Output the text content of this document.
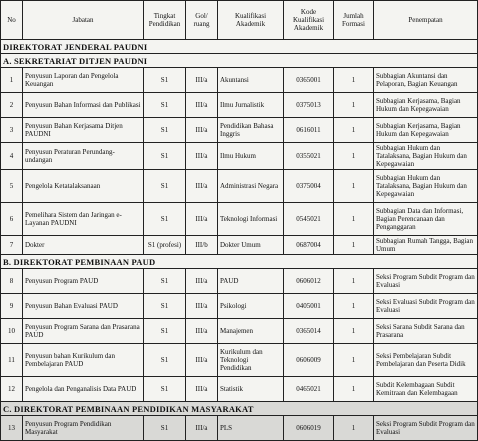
No	Jabatan	Tingkat Pendidikan	Gol/ ruang	Kualifikasi Akademik	Kode Kualifikasi Akademik	Jumlah Formasi	Penempatan
DIREKTORAT JENDERAL PAUDNI							
A. SEKRETARIAT DITJEN PAUDNI							
1	Penyusun Laporan dan Pengelola Keuangan	S1	III/a	Akuntansi	0365001	1	Subbagian Akuntansi dan Pelaporan, Bagian Keuangan
2	Penyusun Bahan Informasi dan Publikasi	S1	III/a	Ilmu Jurnalistik	0375013	1	Subbagian Kerjasama, Bagian Hukum dan Kepegawaian
3	Penyusun Bahan Kerjasama Ditjen PAUDNI	S1	III/a	Pendidikan Bahasa Inggris	0616011	1	Subbagian Kerjasama, Bagian Hukum dan Kepegawaian
4	Penyusun Peraturan Perundang-undangan	S1	III/a	Ilmu Hukum	0355021	1	Subbagian Hukum dan Tatalaksana, Bagian Hukum dan Kepegawaian
5	Pengelola Ketatalaksanaan	S1	III/a	Administrasi Negara	0375004	1	Subbagian Hukum dan Tatalaksana, Bagian Hukum dan Kepegawaian
6	Pemelihara Sistem dan Jaringan e-Layanan PAUDNI	S1	III/a	Teknologi Informasi	0545021	1	Subbagian Data dan Informasi, Bagian Perencanaan dan Penganggaran
7	Dokter	S1 (profesi)	III/b	Dokter Umum	0687004	1	Subbagian Rumah Tangga, Bagian Umum
B. DIREKTORAT PEMBINAAN PAUD							
8	Penyusun Program PAUD	S1	III/a	PAUD	0606012	1	Seksi Program Subdit Program dan Evaluasi
9	Penyusun Bahan Evaluasi PAUD	S1	III/a	Psikologi	0405001	1	Seksi Evaluasi Subdit Program dan Evaluasi
10	Penyusun Program Sarana dan Prasarana PAUD	S1	III/a	Manajemen	0365014	1	Seksi Sarana Subdit Sarana dan Prasarana
11	Penyusun bahan Kurikulum dan Pembelajaran PAUD	S1	III/a	Kurikulum dan Teknologi Pendidikan	0606009	1	Seksi Pembelajaran Subdit Pembelajaran dan Peserta Didik
12	Pengelola dan Penganalisis Data PAUD	S1	III/a	Statistik	0465021	1	Subdit Kelembagaan Subdit Kemitraan dan Kelembagaan
C. DIREKTORAT PEMBINAAN PENDIDIKAN MASYARAKAT							
13	Penyusun Program Pendidikan Masyarakat	S1	III/a	PLS	0606019	1	Seksi Program Subdit Program dan Evaluasi
